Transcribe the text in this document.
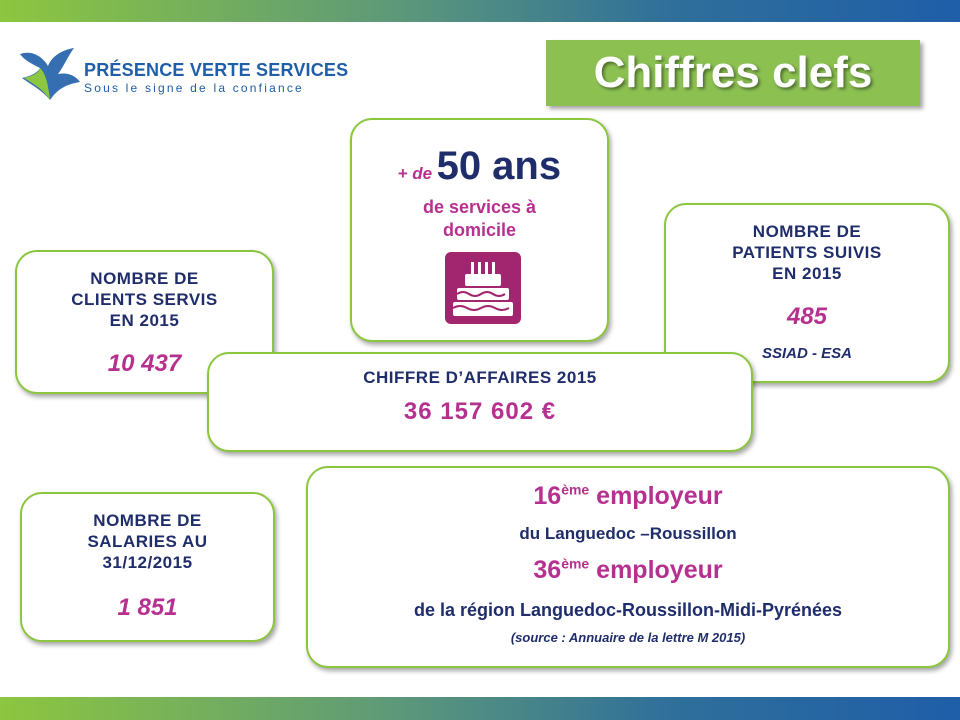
PRÉSENCE VERTE SERVICES
Sous le signe de la confiance	Chiffres clefs
+ de 50 ans
de services à
domicile
NOMBRE DE
CLIENTS SERVIS
EN 2015
10 437
NOMBRE DE
PATIENTS SUIVIS
EN 2015
485
SSIAD - ESA
CHIFFRE D’AFFAIRES 2015
36 157 602 €
NOMBRE DE
SALARIES AU
31/12/2015
1 851
16ème employeur
du Languedoc –Roussillon
36ème employeur
de la région Languedoc-Roussillon-Midi-Pyrénées
(source : Annuaire de la lettre M 2015)
